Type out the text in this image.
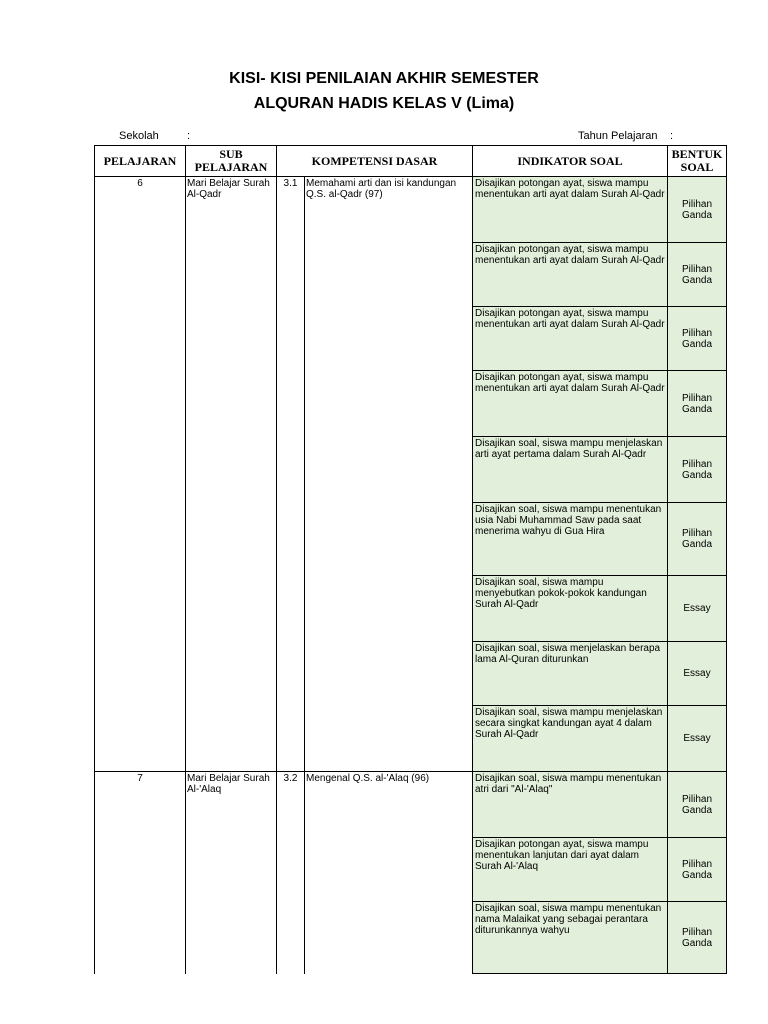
KISI- KISI PENILAIAN AKHIR SEMESTER
ALQURAN HADIS KELAS V (Lima)
Sekolah	:	Tahun Pelajaran :
PELAJARAN	SUB PELAJARAN	KOMPETENSI DASAR		INDIKATOR SOAL	BENTUK SOAL
6	Mari Belajar Surah Al-Qadr	3.1	Memahami arti dan isi kandungan Q.S. al-Qadr (97)	Disajikan potongan ayat, siswa mampu menentukan arti ayat dalam Surah Al-Qadr	Pilihan Ganda
				Disajikan potongan ayat, siswa mampu menentukan arti ayat dalam Surah Al-Qadr	Pilihan Ganda
				Disajikan potongan ayat, siswa mampu menentukan arti ayat dalam Surah Al-Qadr	Pilihan Ganda
				Disajikan potongan ayat, siswa mampu menentukan arti ayat dalam Surah Al-Qadr	Pilihan Ganda
				Disajikan soal, siswa mampu menjelaskan arti ayat pertama dalam Surah Al-Qadr	Pilihan Ganda
				Disajikan soal, siswa mampu menentukan usia Nabi Muhammad Saw pada saat menerima wahyu di Gua Hira	Pilihan Ganda
				Disajikan soal, siswa mampu menyebutkan pokok-pokok kandungan Surah Al-Qadr	Essay
				Disajikan soal, siswa menjelaskan berapa lama Al-Quran diturunkan	Essay
				Disajikan soal, siswa mampu menjelaskan secara singkat kandungan ayat 4 dalam Surah Al-Qadr	Essay
7	Mari Belajar Surah Al-'Alaq	3.2	Mengenal Q.S. al-'Alaq (96)	Disajikan soal, siswa mampu menentukan atri dari "Al-'Alaq"	Pilihan Ganda
				Disajikan potongan ayat, siswa mampu menentukan lanjutan dari ayat dalam Surah Al-'Alaq	Pilihan Ganda
				Disajikan soal, siswa mampu menentukan nama Malaikat yang sebagai perantara diturunkannya wahyu	Pilihan Ganda
